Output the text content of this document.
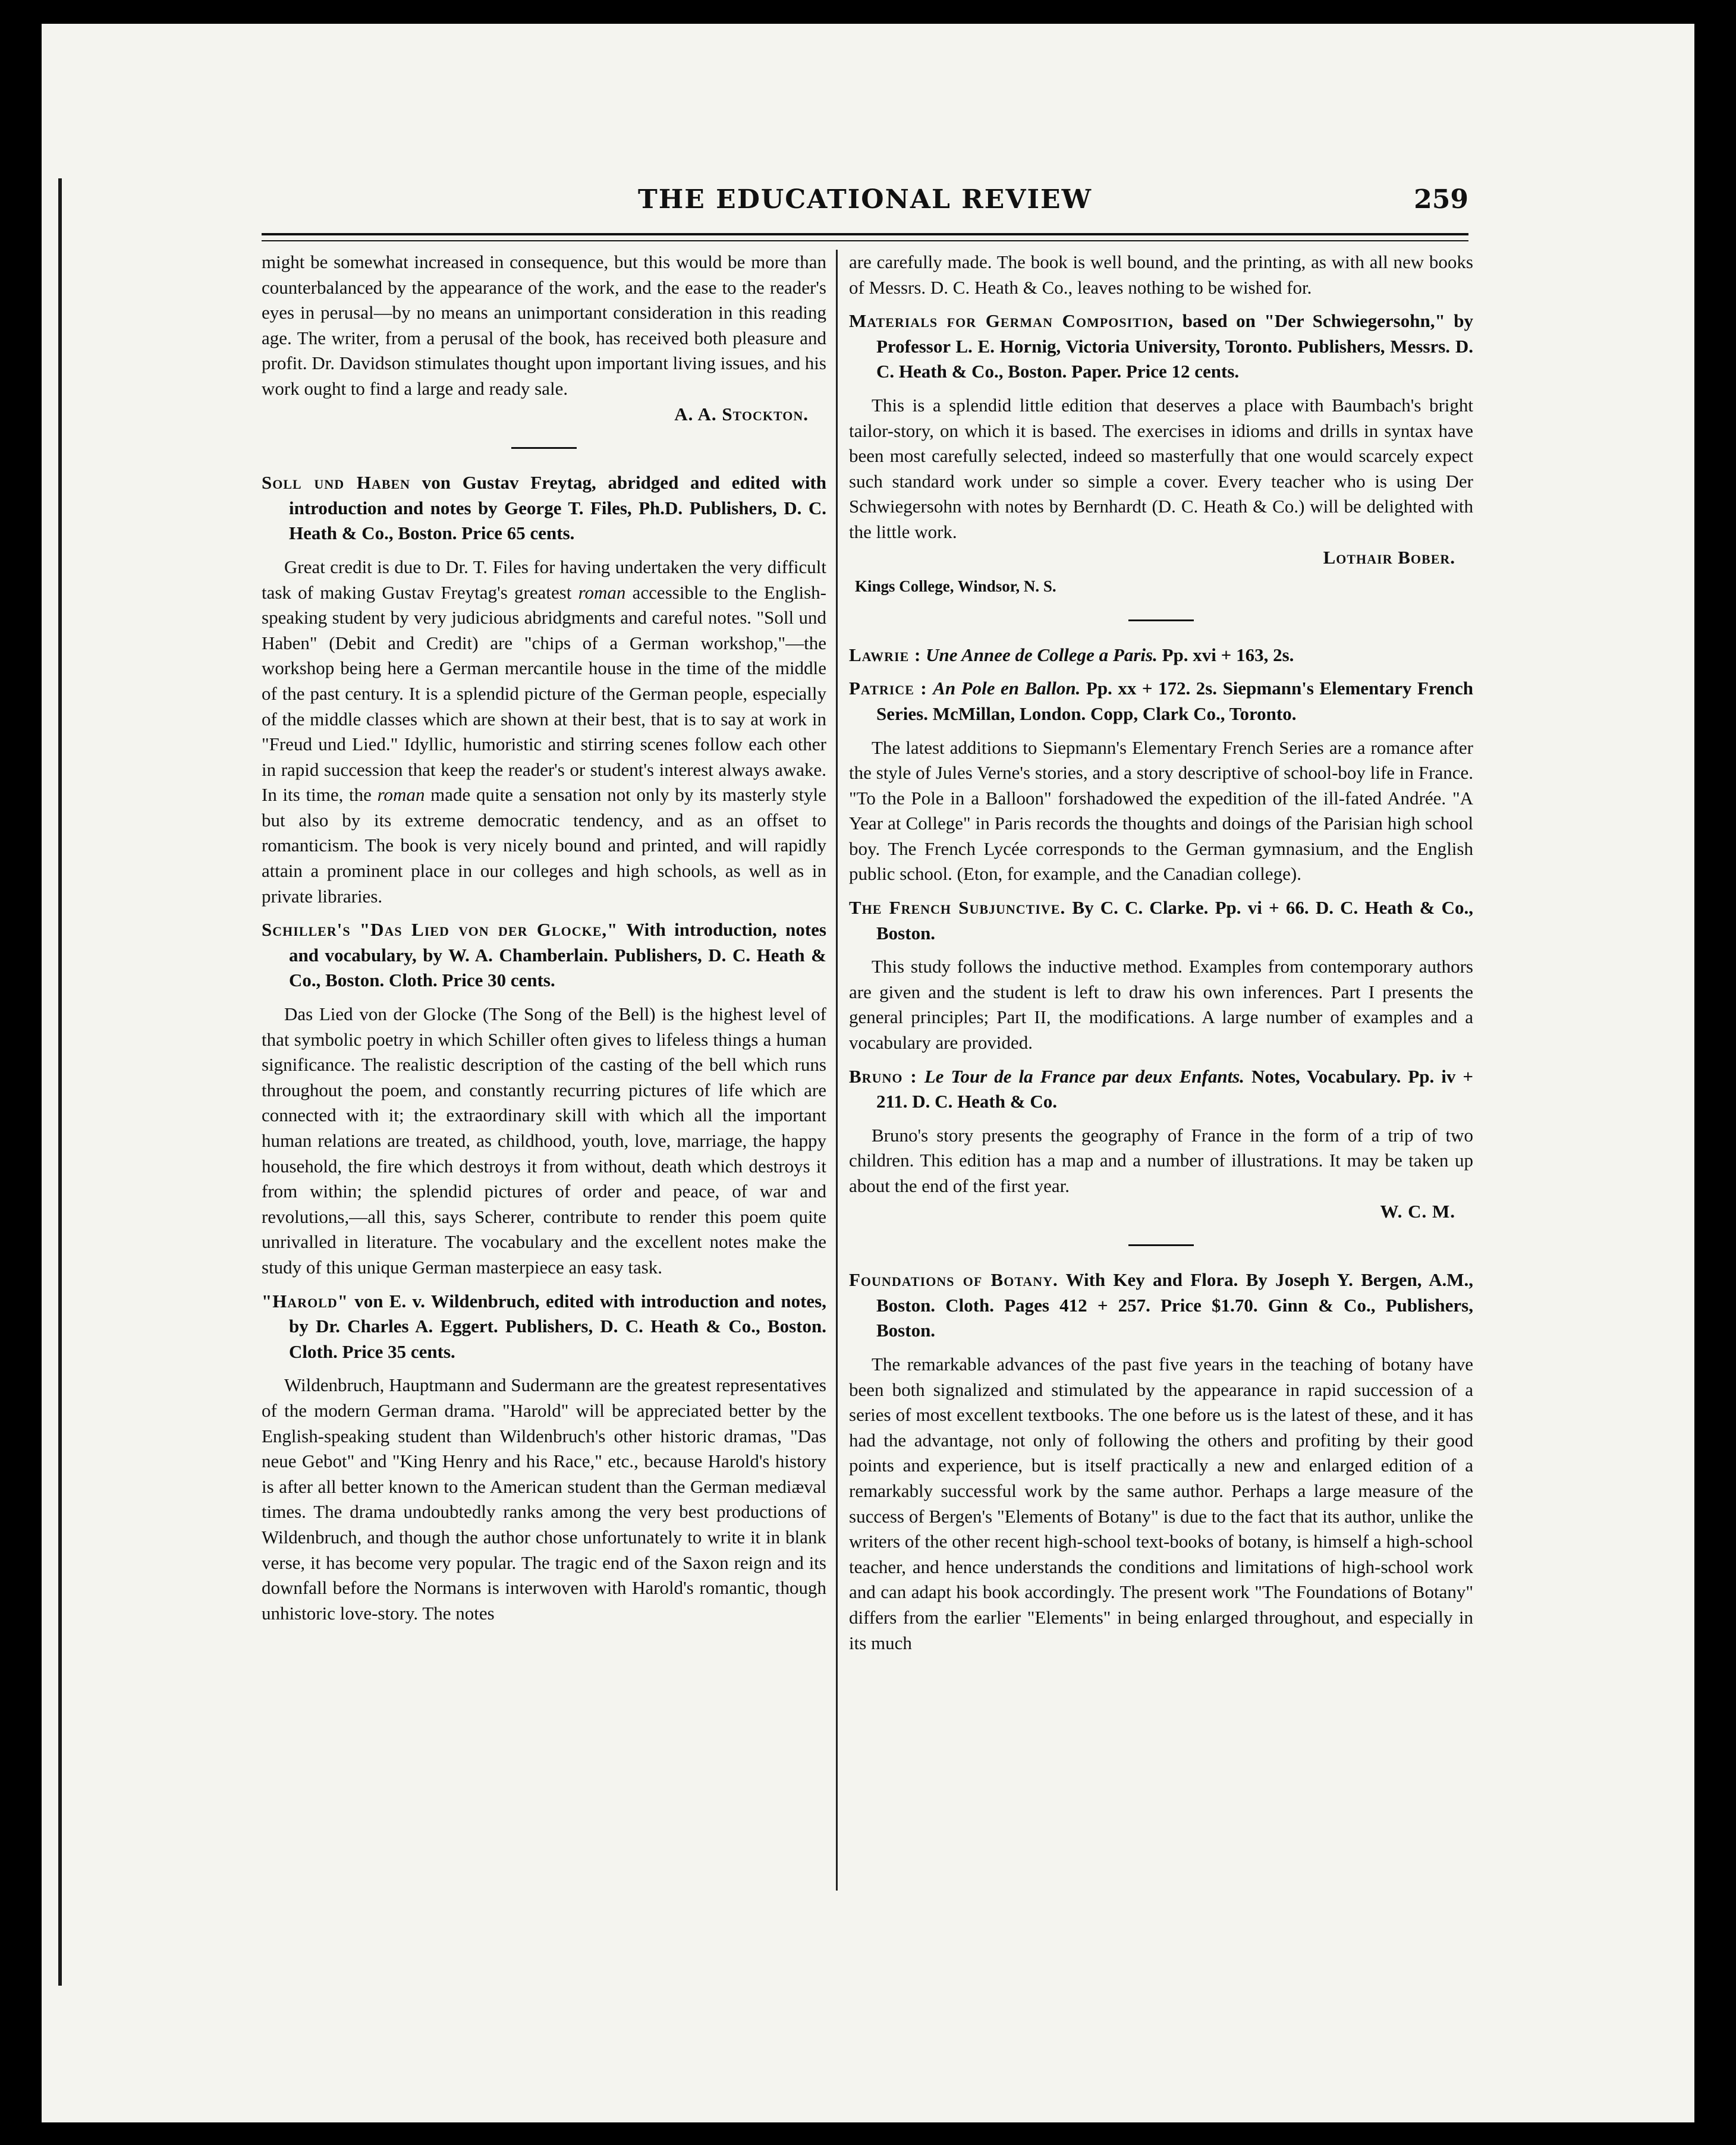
THE EDUCATIONAL REVIEW	259

might be somewhat increased in consequence, but this would be more than counterbalanced by the appearance of the work, and the ease to the reader's eyes in perusal—by no means an unimportant consideration in this reading age. The writer, from a perusal of the book, has received both pleasure and profit. Dr. Davidson stimulates thought upon important living issues, and his work ought to find a large and ready sale.

A. A. Stockton.
Soll und Haben von Gustav Freytag, abridged and edited with introduction and notes by George T. Files, Ph.D. Publishers, D. C. Heath & Co., Boston. Price 65 cents.

Great credit is due to Dr. T. Files for having undertaken the very difficult task of making Gustav Freytag's greatest roman accessible to the English-speaking student by very judicious abridgments and careful notes. "Soll und Haben" (Debit and Credit) are "chips of a German workshop,"—the workshop being here a German mercantile house in the time of the middle of the past century. It is a splendid picture of the German people, especially of the middle classes which are shown at their best, that is to say at work in "Freud und Lied." Idyllic, humoristic and stirring scenes follow each other in rapid succession that keep the reader's or student's interest always awake. In its time, the roman made quite a sensation not only by its masterly style but also by its extreme democratic tendency, and as an offset to romanticism. The book is very nicely bound and printed, and will rapidly attain a prominent place in our colleges and high schools, as well as in private libraries.

Schiller's "Das Lied von der Glocke," With introduction, notes and vocabulary, by W. A. Chamberlain. Publishers, D. C. Heath & Co., Boston. Cloth. Price 30 cents.

Das Lied von der Glocke (The Song of the Bell) is the highest level of that symbolic poetry in which Schiller often gives to lifeless things a human significance. The realistic description of the casting of the bell which runs throughout the poem, and constantly recurring pictures of life which are connected with it; the extraordinary skill with which all the important human relations are treated, as childhood, youth, love, marriage, the happy household, the fire which destroys it from without, death which destroys it from within; the splendid pictures of order and peace, of war and revolutions,—all this, says Scherer, contribute to render this poem quite unrivalled in literature. The vocabulary and the excellent notes make the study of this unique German masterpiece an easy task.

"Harold" von E. v. Wildenbruch, edited with introduction and notes, by Dr. Charles A. Eggert. Publishers, D. C. Heath & Co., Boston. Cloth. Price 35 cents.

Wildenbruch, Hauptmann and Sudermann are the greatest representatives of the modern German drama. "Harold" will be appreciated better by the English-speaking student than Wildenbruch's other historic dramas, "Das neue Gebot" and "King Henry and his Race," etc., because Harold's history is after all better known to the American student than the German mediæval times. The drama undoubtedly ranks among the very best productions of Wildenbruch, and though the author chose unfortunately to write it in blank verse, it has become very popular. The tragic end of the Saxon reign and its downfall before the Normans is interwoven with Harold's romantic, though unhistoric love-story. The notes

are carefully made. The book is well bound, and the printing, as with all new books of Messrs. D. C. Heath & Co., leaves nothing to be wished for.

Materials for German Composition, based on "Der Schwiegersohn," by Professor L. E. Hornig, Victoria University, Toronto. Publishers, Messrs. D. C. Heath & Co., Boston. Paper. Price 12 cents.

This is a splendid little edition that deserves a place with Baumbach's bright tailor-story, on which it is based. The exercises in idioms and drills in syntax have been most carefully selected, indeed so masterfully that one would scarcely expect such standard work under so simple a cover. Every teacher who is using Der Schwiegersohn with notes by Bernhardt (D. C. Heath & Co.) will be delighted with the little work.

Lothair Bober.
Kings College, Windsor, N. S.
Lawrie : Une Annee de College a Paris. Pp. xvi + 163, 2s.
Patrice : An Pole en Ballon. Pp. xx + 172. 2s. Siepmann's Elementary French Series. McMillan, London. Copp, Clark Co., Toronto.

The latest additions to Siepmann's Elementary French Series are a romance after the style of Jules Verne's stories, and a story descriptive of school-boy life in France. "To the Pole in a Balloon" forshadowed the expedition of the ill-fated Andrée. "A Year at College" in Paris records the thoughts and doings of the Parisian high school boy. The French Lycée corresponds to the German gymnasium, and the English public school. (Eton, for example, and the Canadian college).

The French Subjunctive. By C. C. Clarke. Pp. vi + 66. D. C. Heath & Co., Boston.

This study follows the inductive method. Examples from contemporary authors are given and the student is left to draw his own inferences. Part I presents the general principles; Part II, the modifications. A large number of examples and a vocabulary are provided.

Bruno : Le Tour de la France par deux Enfants. Notes, Vocabulary. Pp. iv + 211. D. C. Heath & Co.

Bruno's story presents the geography of France in the form of a trip of two children. This edition has a map and a number of illustrations. It may be taken up about the end of the first year.

W. C. M.
Foundations of Botany. With Key and Flora. By Joseph Y. Bergen, A.M., Boston. Cloth. Pages 412 + 257. Price $1.70. Ginn & Co., Publishers, Boston.

The remarkable advances of the past five years in the teaching of botany have been both signalized and stimulated by the appearance in rapid succession of a series of most excellent textbooks. The one before us is the latest of these, and it has had the advantage, not only of following the others and profiting by their good points and experience, but is itself practically a new and enlarged edition of a remarkably successful work by the same author. Perhaps a large measure of the success of Bergen's "Elements of Botany" is due to the fact that its author, unlike the writers of the other recent high-school text-books of botany, is himself a high-school teacher, and hence understands the conditions and limitations of high-school work and can adapt his book accordingly. The present work "The Foundations of Botany" differs from the earlier "Elements" in being enlarged throughout, and especially in its much
